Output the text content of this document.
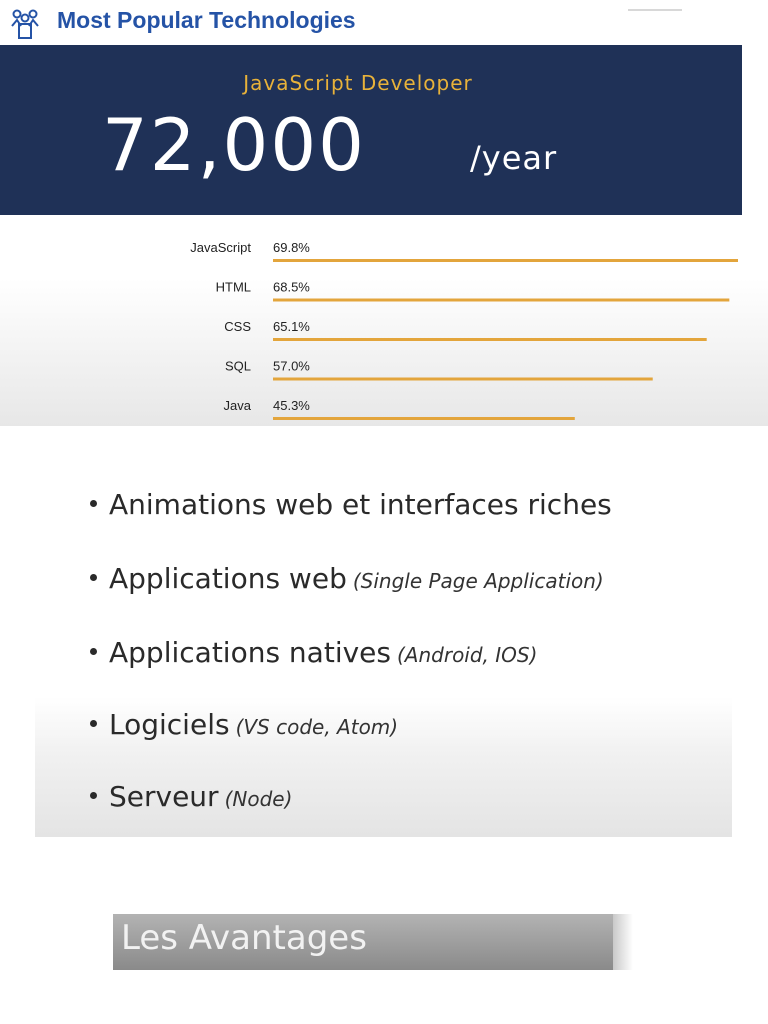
Most Popular Technologies
JavaScript Developer
72,000	/year
JavaScript 69.8%
HTML 68.5%
CSS 65.1%
SQL 57.0%
Java 45.3%
Animations web et interfaces riches
Applications web (Single Page Application)
Applications natives (Android, IOS)
Logiciels (VS code, Atom)
Serveur (Node)
Les Avantages
